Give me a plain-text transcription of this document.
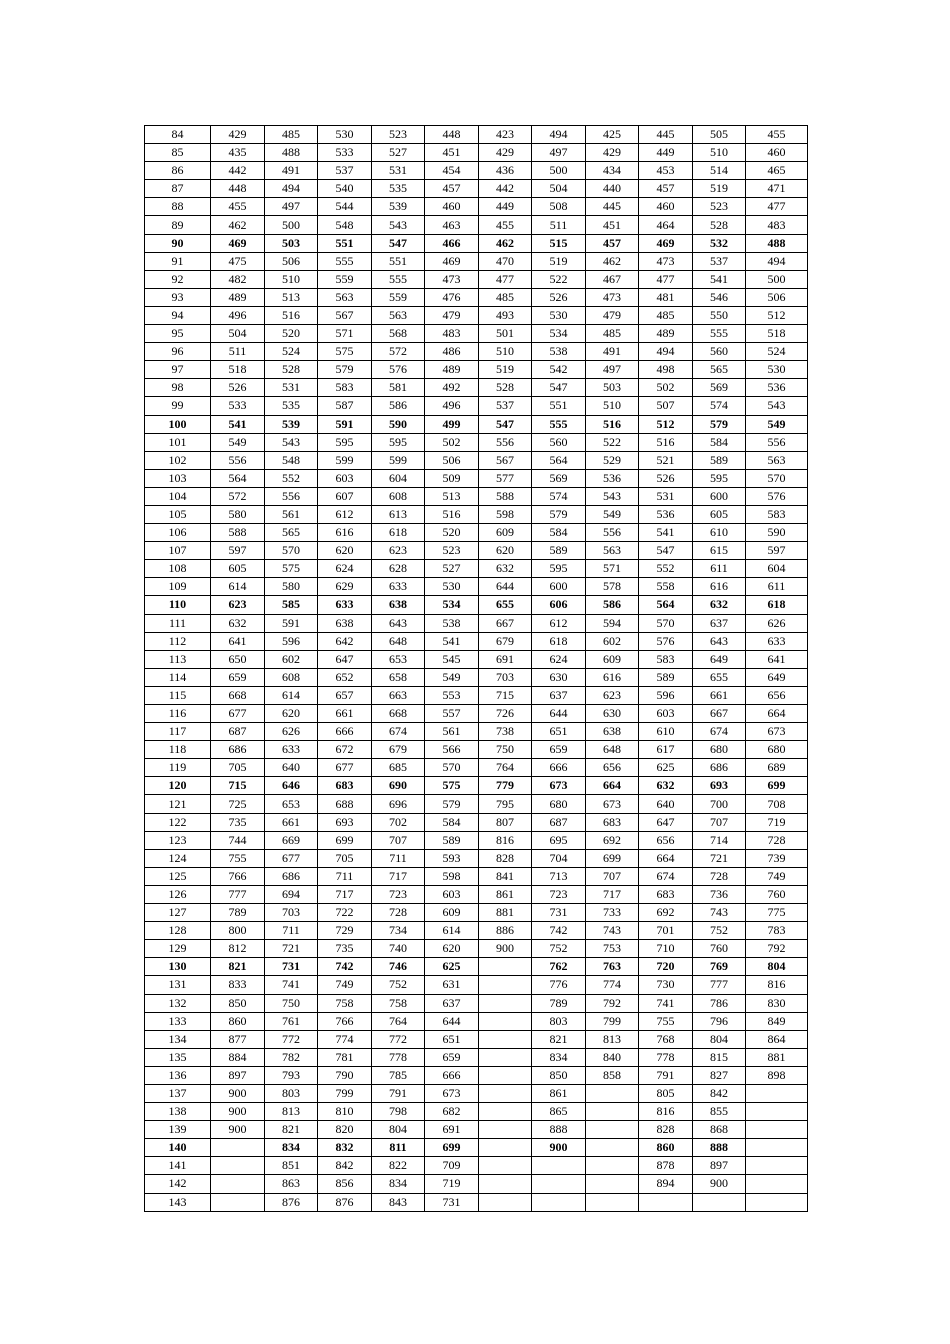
84	429	485	530	523	448	423	494	425	445	505	455
85	435	488	533	527	451	429	497	429	449	510	460
86	442	491	537	531	454	436	500	434	453	514	465
87	448	494	540	535	457	442	504	440	457	519	471
88	455	497	544	539	460	449	508	445	460	523	477
89	462	500	548	543	463	455	511	451	464	528	483
90	469	503	551	547	466	462	515	457	469	532	488
91	475	506	555	551	469	470	519	462	473	537	494
92	482	510	559	555	473	477	522	467	477	541	500
93	489	513	563	559	476	485	526	473	481	546	506
94	496	516	567	563	479	493	530	479	485	550	512
95	504	520	571	568	483	501	534	485	489	555	518
96	511	524	575	572	486	510	538	491	494	560	524
97	518	528	579	576	489	519	542	497	498	565	530
98	526	531	583	581	492	528	547	503	502	569	536
99	533	535	587	586	496	537	551	510	507	574	543
100	541	539	591	590	499	547	555	516	512	579	549
101	549	543	595	595	502	556	560	522	516	584	556
102	556	548	599	599	506	567	564	529	521	589	563
103	564	552	603	604	509	577	569	536	526	595	570
104	572	556	607	608	513	588	574	543	531	600	576
105	580	561	612	613	516	598	579	549	536	605	583
106	588	565	616	618	520	609	584	556	541	610	590
107	597	570	620	623	523	620	589	563	547	615	597
108	605	575	624	628	527	632	595	571	552	611	604
109	614	580	629	633	530	644	600	578	558	616	611
110	623	585	633	638	534	655	606	586	564	632	618
111	632	591	638	643	538	667	612	594	570	637	626
112	641	596	642	648	541	679	618	602	576	643	633
113	650	602	647	653	545	691	624	609	583	649	641
114	659	608	652	658	549	703	630	616	589	655	649
115	668	614	657	663	553	715	637	623	596	661	656
116	677	620	661	668	557	726	644	630	603	667	664
117	687	626	666	674	561	738	651	638	610	674	673
118	686	633	672	679	566	750	659	648	617	680	680
119	705	640	677	685	570	764	666	656	625	686	689
120	715	646	683	690	575	779	673	664	632	693	699
121	725	653	688	696	579	795	680	673	640	700	708
122	735	661	693	702	584	807	687	683	647	707	719
123	744	669	699	707	589	816	695	692	656	714	728
124	755	677	705	711	593	828	704	699	664	721	739
125	766	686	711	717	598	841	713	707	674	728	749
126	777	694	717	723	603	861	723	717	683	736	760
127	789	703	722	728	609	881	731	733	692	743	775
128	800	711	729	734	614	886	742	743	701	752	783
129	812	721	735	740	620	900	752	753	710	760	792
130	821	731	742	746	625		762	763	720	769	804
131	833	741	749	752	631		776	774	730	777	816
132	850	750	758	758	637		789	792	741	786	830
133	860	761	766	764	644		803	799	755	796	849
134	877	772	774	772	651		821	813	768	804	864
135	884	782	781	778	659		834	840	778	815	881
136	897	793	790	785	666		850	858	791	827	898
137	900	803	799	791	673		861		805	842	
138	900	813	810	798	682		865		816	855	
139	900	821	820	804	691		888		828	868	
140		834	832	811	699		900		860	888	
141		851	842	822	709				878	897	
142		863	856	834	719				894	900	
143		876	876	843	731						
